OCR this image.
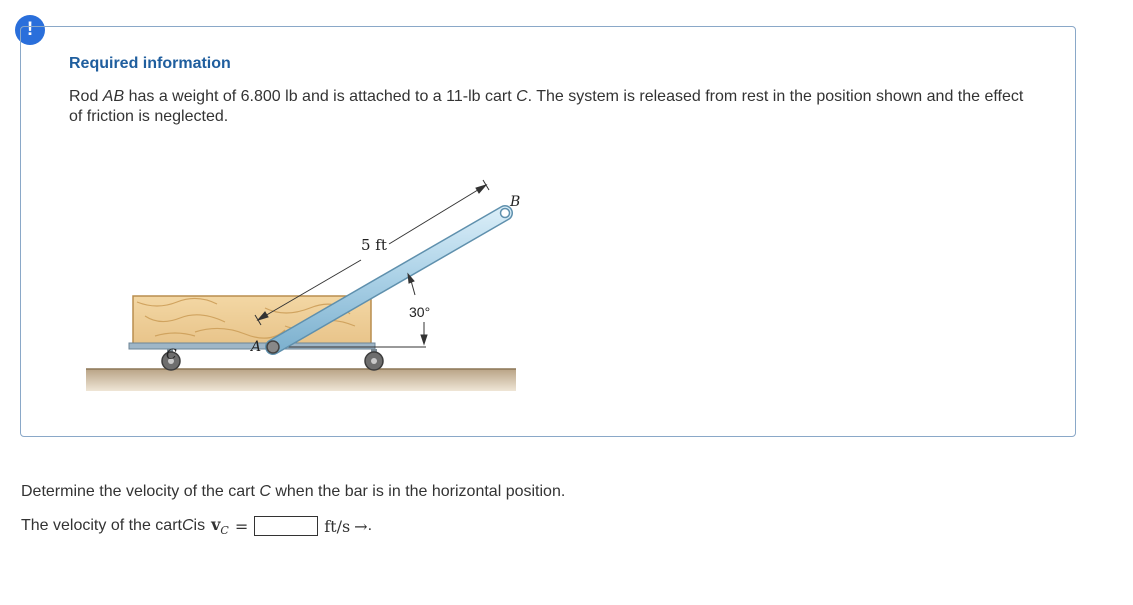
!
Required information
Rod AB has a weight of 6.800 lb and is attached to a 11-lb cart C. The system is released from rest in the position shown and the effect of friction is neglected.
5 ft
30°
A
B
C
Determine the velocity of the cart C when the bar is in the horizontal position.
The velocity of the cart C is $v_C$ =	ft/s → .
